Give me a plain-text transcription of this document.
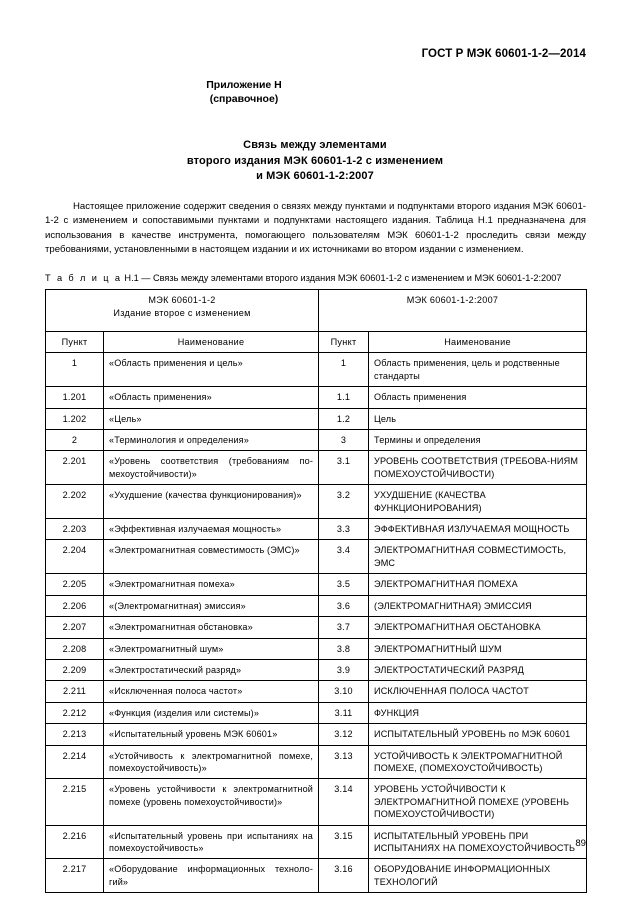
ГОСТ Р МЭК 60601-1-2—2014
Приложение Н
(справочное)
Связь между элементами
второго издания МЭК 60601-1-2 с изменением
и МЭК 60601-1-2:2007

Настоящее приложение содержит сведения о связях между пунктами и подпунктами второго издания МЭК 60601-1-2 с изменением и сопоставимыми пунктами и подпунктами настоящего издания. Таблица Н.1 предназначена для использования в качестве инструмента, помогающего пользователям МЭК 60601-1-2 проследить связи между требованиями, установленными в настоящем издании и их источниками во втором издании с изменением.

Т а б л и ц а Н.1 — Связь между элементами второго издания МЭК 60601-1-2 с изменением и МЭК 60601-1-2:2007
МЭК 60601-1-2
Издание второе с изменением		МЭК 60601-1-2:2007	

Пункт	Наименование	Пункт	Наименование
1	«Область применения и цель»	1	Область применения, цель и родственные стандарты
1.201	«Область применения»	1.1	Область применения
1.202	«Цель»	1.2	Цель
2	«Терминология и определения»	3	Термины и определения
2.201	«Уровень соответствия (требованиям по-мехоустойчивости)»	3.1	УРОВЕНЬ СООТВЕТСТВИЯ (ТРЕБОВА-НИЯМ ПОМЕХОУСТОЙЧИВОСТИ)
2.202	«Ухудшение (качества функционирования)»	3.2	УХУДШЕНИЕ (КАЧЕСТВА ФУНКЦИОНИРОВАНИЯ)
2.203	«Эффективная излучаемая мощность»	3.3	ЭФФЕКТИВНАЯ ИЗЛУЧАЕМАЯ МОЩНОСТЬ
2.204	«Электромагнитная совместимость (ЭМС)»	3.4	ЭЛЕКТРОМАГНИТНАЯ СОВМЕСТИМОСТЬ, ЭМС
2.205	«Электромагнитная помеха»	3.5	ЭЛЕКТРОМАГНИТНАЯ ПОМЕХА
2.206	«(Электромагнитная) эмиссия»	3.6	(ЭЛЕКТРОМАГНИТНАЯ) ЭМИССИЯ
2.207	«Электромагнитная обстановка»	3.7	ЭЛЕКТРОМАГНИТНАЯ ОБСТАНОВКА
2.208	«Электромагнитный шум»	3.8	ЭЛЕКТРОМАГНИТНЫЙ ШУМ
2.209	«Электростатический разряд»	3.9	ЭЛЕКТРОСТАТИЧЕСКИЙ РАЗРЯД
2.211	«Исключенная полоса частот»	3.10	ИСКЛЮЧЕННАЯ ПОЛОСА ЧАСТОТ
2.212	«Функция (изделия или системы)»	3.11	ФУНКЦИЯ
2.213	«Испытательный уровень МЭК 60601»	3.12	ИСПЫТАТЕЛЬНЫЙ УРОВЕНЬ по МЭК 60601
2.214	«Устойчивость к электромагнитной помехе, помехоустойчивость)»	3.13	УСТОЙЧИВОСТЬ К ЭЛЕКТРОМАГНИТНОЙ ПОМЕХЕ, (ПОМЕХОУСТОЙЧИВОСТЬ)
2.215	«Уровень устойчивости к электромагнитной помехе (уровень помехоустойчивости)»	3.14	УРОВЕНЬ УСТОЙЧИВОСТИ К ЭЛЕКТРОМАГНИТНОЙ ПОМЕХЕ (УРОВЕНЬ ПОМЕХОУСТОЙЧИВОСТИ)
2.216	«Испытательный уровень при испытаниях на помехоустойчивость»	3.15	ИСПЫТАТЕЛЬНЫЙ УРОВЕНЬ ПРИ ИСПЫТАНИЯХ НА ПОМЕХОУСТОЙЧИВОСТЬ
2.217	«Оборудование информационных техноло-гий»	3.16	ОБОРУДОВАНИЕ ИНФОРМАЦИОННЫХ ТЕХНОЛОГИЙ
89
